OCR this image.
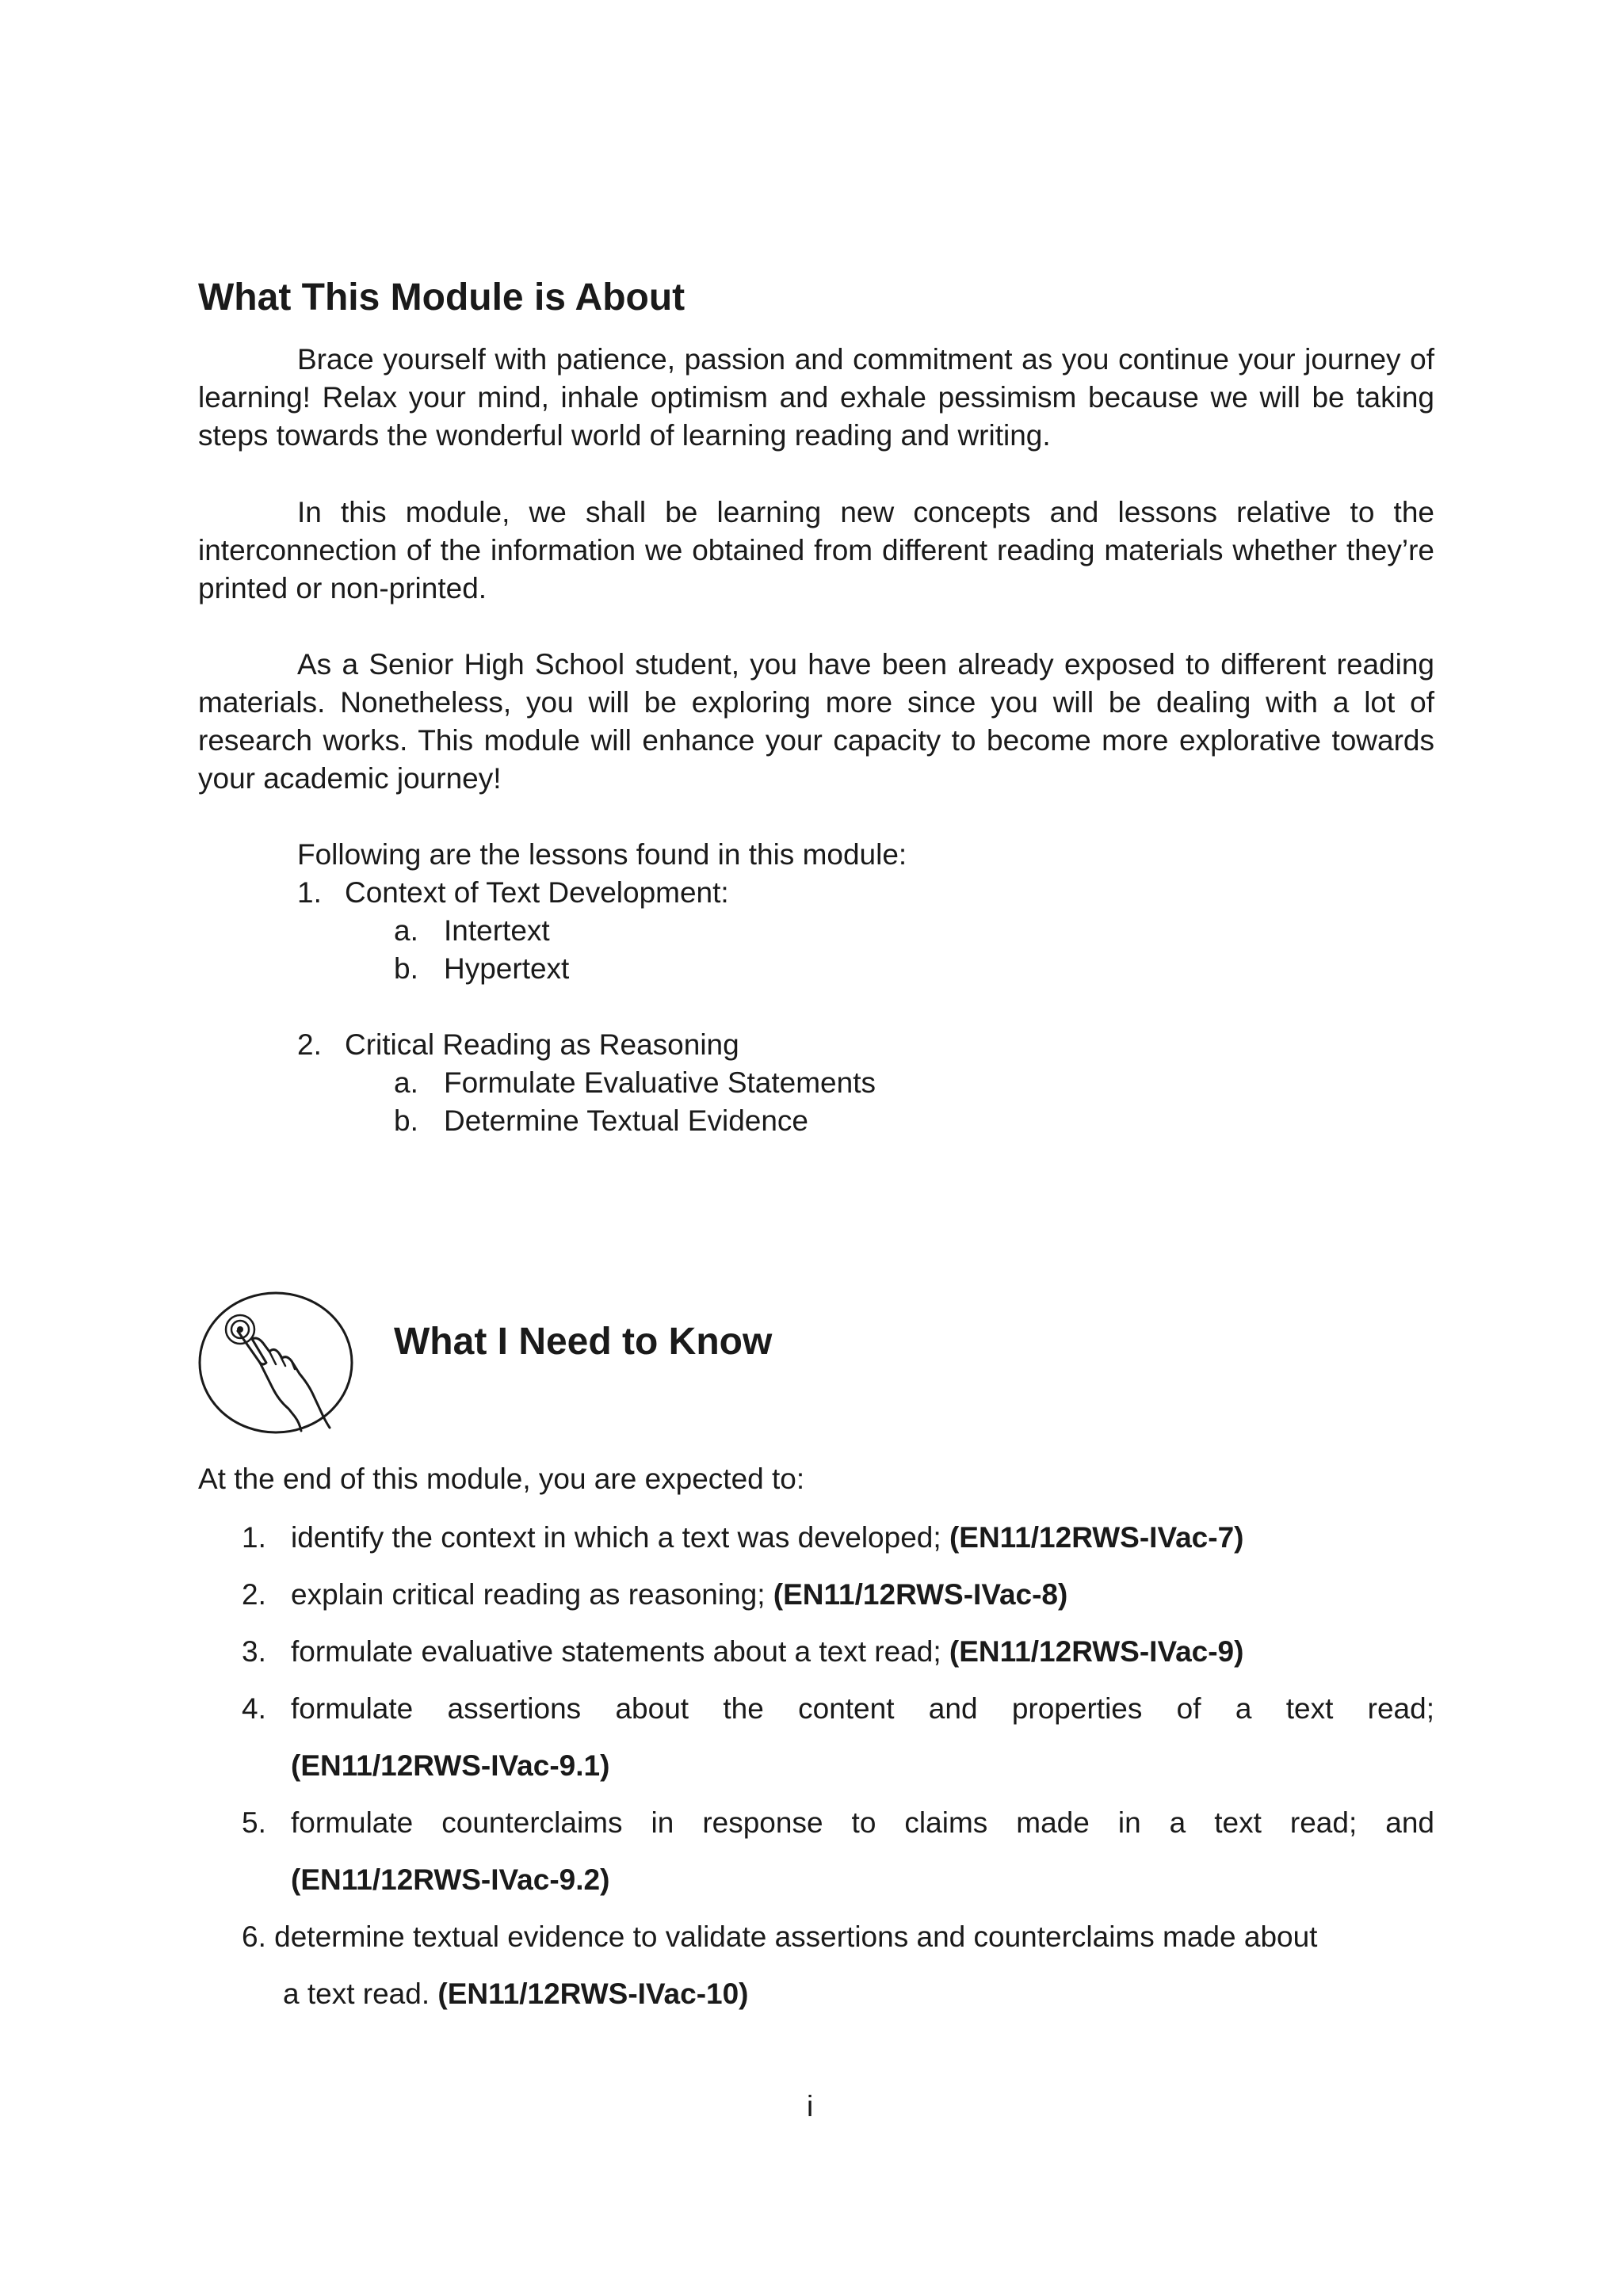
What This Module is About

Brace yourself with patience, passion and commitment as you continue your journey of learning! Relax your mind, inhale optimism and exhale pessimism because we will be taking steps towards the wonderful world of learning reading and writing.

In this module, we shall be learning new concepts and lessons relative to the interconnection of the information we obtained from different reading materials whether they’re printed or non-printed.

As a Senior High School student, you have been already exposed to different reading materials. Nonetheless, you will be exploring more since you will be dealing with a lot of research works. This module will enhance your capacity to become more explorative towards your academic journey!

Following are the lessons found in this module:
1. Context of Text Development:
a. Intertext
b. Hypertext
2. Critical Reading as Reasoning
a. Formulate Evaluative Statements
b. Determine Textual Evidence
What I Need to Know
At the end of this module, you are expected to:
1. identify the context in which a text was developed; (EN11/12RWS-IVac-7)
2. explain critical reading as reasoning; (EN11/12RWS-IVac-8)
3. formulate evaluative statements about a text read; (EN11/12RWS-IVac-9)
4. formulate assertions about the content and properties of a text read;
(EN11/12RWS-IVac-9.1)
5. formulate counterclaims in response to claims made in a text read; and
(EN11/12RWS-IVac-9.2)
6. determine textual evidence to validate assertions and counterclaims made about
a text read. (EN11/12RWS-IVac-10)
i
